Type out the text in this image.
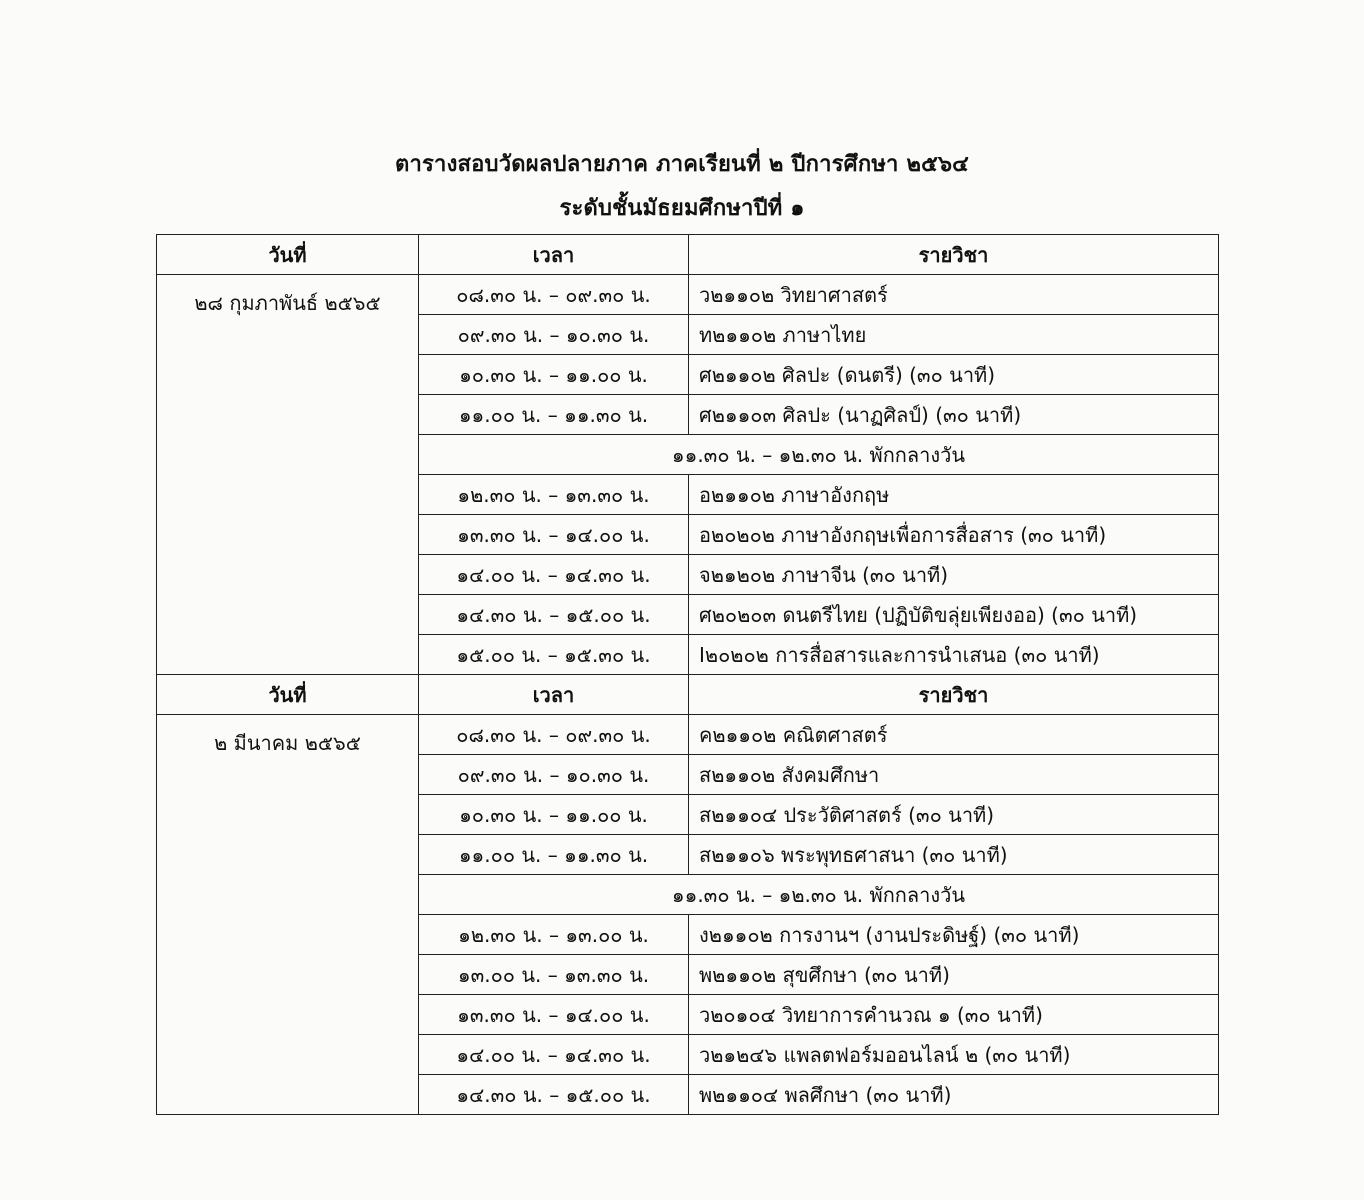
ตารางสอบวัดผลปลายภาค ภาคเรียนที่ ๒ ปีการศึกษา ๒๕๖๔
ระดับชั้นมัธยมศึกษาปีที่ ๑
วันที่	เวลา	รายวิชา
๒๘ กุมภาพันธ์ ๒๕๖๕	๐๘.๓๐ น. – ๐๙.๓๐ น.	ว๒๑๑๐๒ วิทยาศาสตร์
	๐๙.๓๐ น. – ๑๐.๓๐ น.	ท๒๑๑๐๒ ภาษาไทย
	๑๐.๓๐ น. – ๑๑.๐๐ น.	ศ๒๑๑๐๒ ศิลปะ (ดนตรี) (๓๐ นาที)
	๑๑.๐๐ น. – ๑๑.๓๐ น.	ศ๒๑๑๐๓ ศิลปะ (นาฏศิลป์) (๓๐ นาที)
	๑๑.๓๐ น. – ๑๒.๓๐ น. พักกลางวัน	
	๑๒.๓๐ น. – ๑๓.๓๐ น.	อ๒๑๑๐๒ ภาษาอังกฤษ
	๑๓.๓๐ น. – ๑๔.๐๐ น.	อ๒๐๒๐๒ ภาษาอังกฤษเพื่อการสื่อสาร (๓๐ นาที)
	๑๔.๐๐ น. – ๑๔.๓๐ น.	จ๒๑๒๐๒ ภาษาจีน (๓๐ นาที)
	๑๔.๓๐ น. – ๑๕.๐๐ น.	ศ๒๐๒๐๓ ดนตรีไทย (ปฏิบัติขลุ่ยเพียงออ) (๓๐ นาที)
	๑๕.๐๐ น. – ๑๕.๓๐ น.	I๒๐๒๐๒ การสื่อสารและการนำเสนอ (๓๐ นาที)
วันที่	เวลา	รายวิชา
๒ มีนาคม ๒๕๖๕	๐๘.๓๐ น. – ๐๙.๓๐ น.	ค๒๑๑๐๒ คณิตศาสตร์
	๐๙.๓๐ น. – ๑๐.๓๐ น.	ส๒๑๑๐๒ สังคมศึกษา
	๑๐.๓๐ น. – ๑๑.๐๐ น.	ส๒๑๑๐๔ ประวัติศาสตร์ (๓๐ นาที)
	๑๑.๐๐ น. – ๑๑.๓๐ น.	ส๒๑๑๐๖ พระพุทธศาสนา (๓๐ นาที)
	๑๑.๓๐ น. – ๑๒.๓๐ น. พักกลางวัน	
	๑๒.๓๐ น. – ๑๓.๐๐ น.	ง๒๑๑๐๒ การงานฯ (งานประดิษฐ์) (๓๐ นาที)
	๑๓.๐๐ น. – ๑๓.๓๐ น.	พ๒๑๑๐๒ สุขศึกษา (๓๐ นาที)
	๑๓.๓๐ น. – ๑๔.๐๐ น.	ว๒๐๑๐๔ วิทยาการคำนวณ ๑ (๓๐ นาที)
	๑๔.๐๐ น. – ๑๔.๓๐ น.	ว๒๑๒๔๖ แพลตฟอร์มออนไลน์ ๒ (๓๐ นาที)
	๑๔.๓๐ น. – ๑๕.๐๐ น.	พ๒๑๑๐๔ พลศึกษา (๓๐ นาที)
